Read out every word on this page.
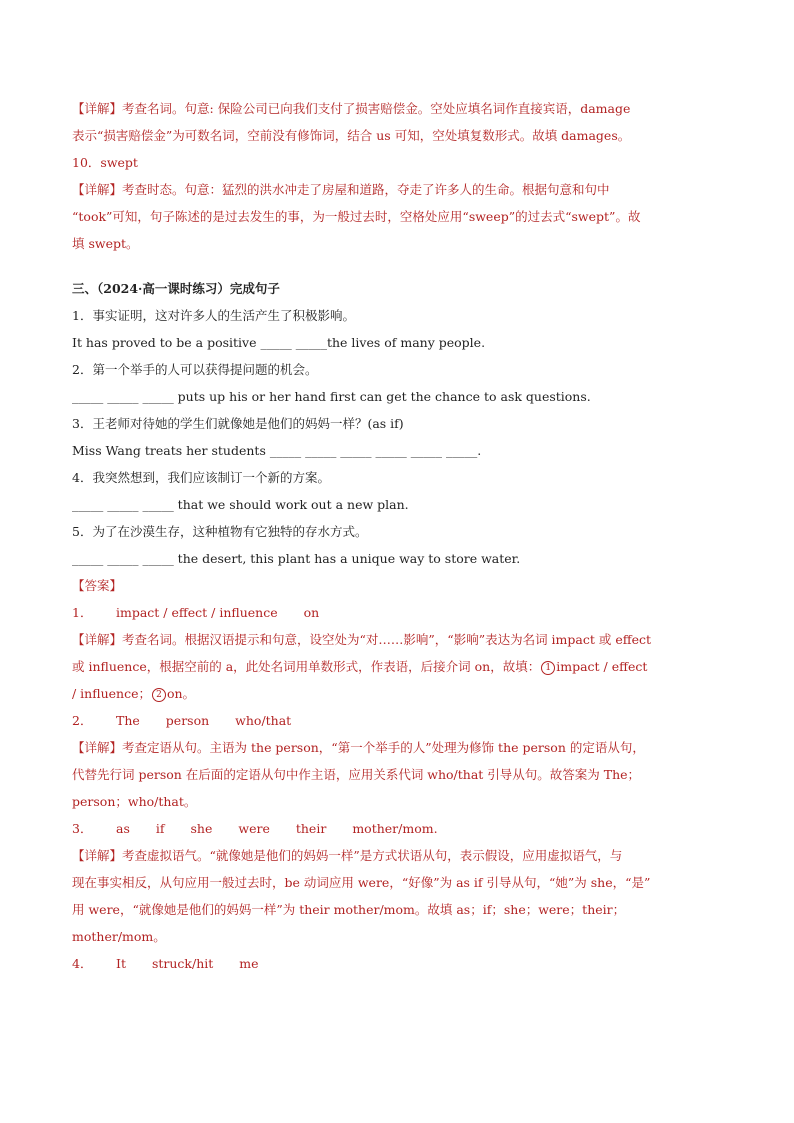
【详解】考查名词。句意: 保险公司已向我们支付了损害赔偿金。空处应填名词作直接宾语，damage
表示“损害赔偿金”为可数名词，空前没有修饰词，结合 us 可知，空处填复数形式。故填 damages。
10．swept
【详解】考查时态。句意：猛烈的洪水冲走了房屋和道路，夺走了许多人的生命。根据句意和句中
“took”可知，句子陈述的是过去发生的事，为一般过去时，空格处应用“sweep”的过去式“swept”。故
填 swept。
三、（2024·高一课时练习）完成句子
1．事实证明，这对许多人的生活产生了积极影响。
It has proved to be a positive _____ _____the lives of many people.
2．第一个举手的人可以获得提问题的机会。
_____ _____ _____ puts up his or her hand first can get the chance to ask questions.
3．王老师对待她的学生们就像她是他们的妈妈一样？(as if)
Miss Wang treats her students _____ _____ _____ _____ _____ _____.
4．我突然想到，我们应该制订一个新的方案。
_____ _____ _____ that we should work out a new plan.
5．为了在沙漠生存，这种植物有它独特的存水方式。
_____ _____ _____ the desert, this plant has a unique way to store water.
【答案】
1． impact / effect / influence on
【详解】考查名词。根据汉语提示和句意，设空处为“对……影响”，“影响”表达为名词 impact 或 effect
或 influence，根据空前的 a，此处名词用单数形式，作表语，后接介词 on，故填： 1 impact / effect
/ influence； 2 on。
2． The person who/that
【详解】考查定语从句。主语为 the person，“第一个举手的人”处理为修饰 the person 的定语从句，
代替先行词 person 在后面的定语从句中作主语，应用关系代词 who/that 引导从句。故答案为 The；
person；who/that。
3． as if she were their mother/mom.
【详解】考查虚拟语气。“就像她是他们的妈妈一样”是方式状语从句，表示假设，应用虚拟语气，与
现在事实相反，从句应用一般过去时，be 动词应用 were，“好像”为 as if 引导从句，“她”为 she，“是”
用 were，“就像她是他们的妈妈一样”为 their mother/mom。故填 as；if；she；were；their；
mother/mom。
4． It struck/hit me
